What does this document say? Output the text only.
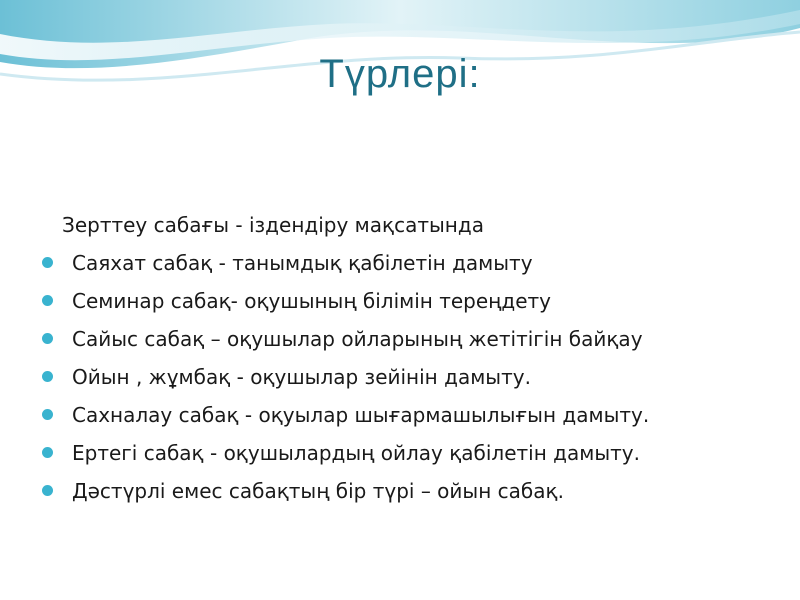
Түрлері:
Зерттеу сабағы - іздендіру мақсатында
Саяхат сабақ - танымдық қабілетін дамыту
Семинар сабақ- оқушының білімін тереңдету
Сайыс сабақ – оқушылар ойларының жетітігін байқау
Ойын , жұмбақ - оқушылар зейінін дамыту.
Сахналау сабақ - оқуылар шығармашылығын дамыту.
Ертегі сабақ - оқушылардың ойлау қабілетін дамыту.
Дәстүрлі емес сабақтың бір түрі – ойын сабақ.
